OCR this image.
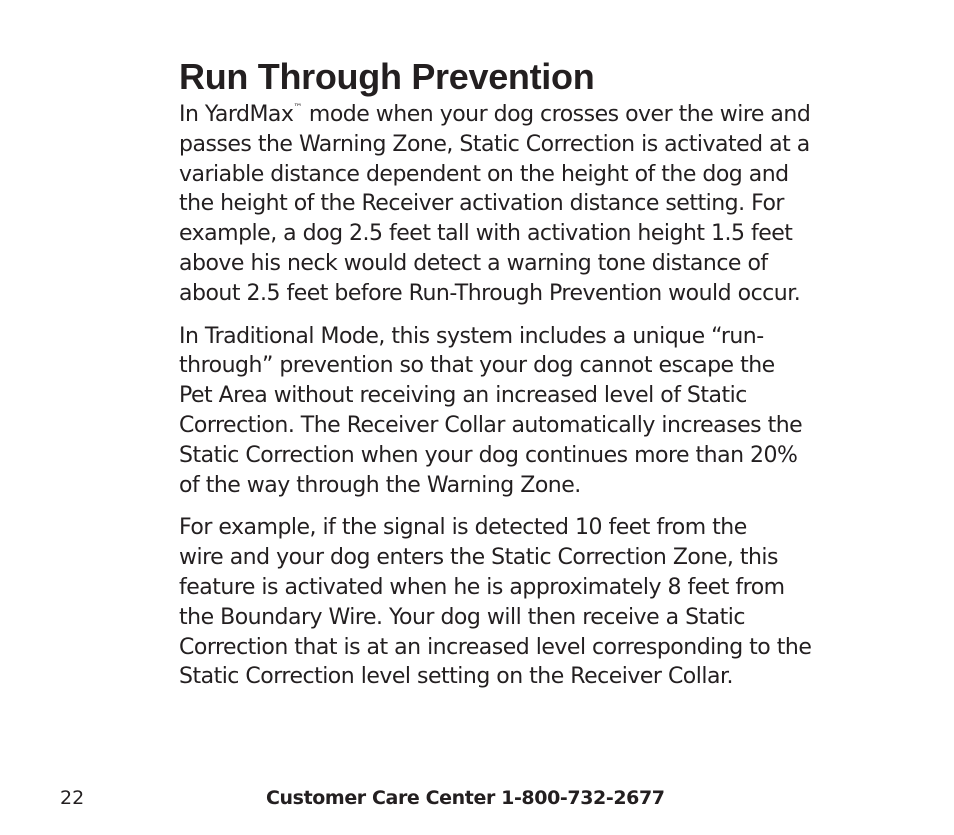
Run Through Prevention

In YardMax™ mode when your dog crosses over the wire and
passes the Warning Zone, Static Correction is activated at a
variable distance dependent on the height of the dog and
the height of the Receiver activation distance setting. For
example, a dog 2.5 feet tall with activation height 1.5 feet
above his neck would detect a warning tone distance of
about 2.5 feet before Run-Through Prevention would occur.

In Traditional Mode, this system includes a unique “run-
through” prevention so that your dog cannot escape the
Pet Area without receiving an increased level of Static
Correction. The Receiver Collar automatically increases the
Static Correction when your dog continues more than 20%
of the way through the Warning Zone.

For example, if the signal is detected 10 feet from the
wire and your dog enters the Static Correction Zone, this
feature is activated when he is approximately 8 feet from
the Boundary Wire. Your dog will then receive a Static
Correction that is at an increased level corresponding to the
Static Correction level setting on the Receiver Collar.

22	Customer Care Center 1-800-732-2677
